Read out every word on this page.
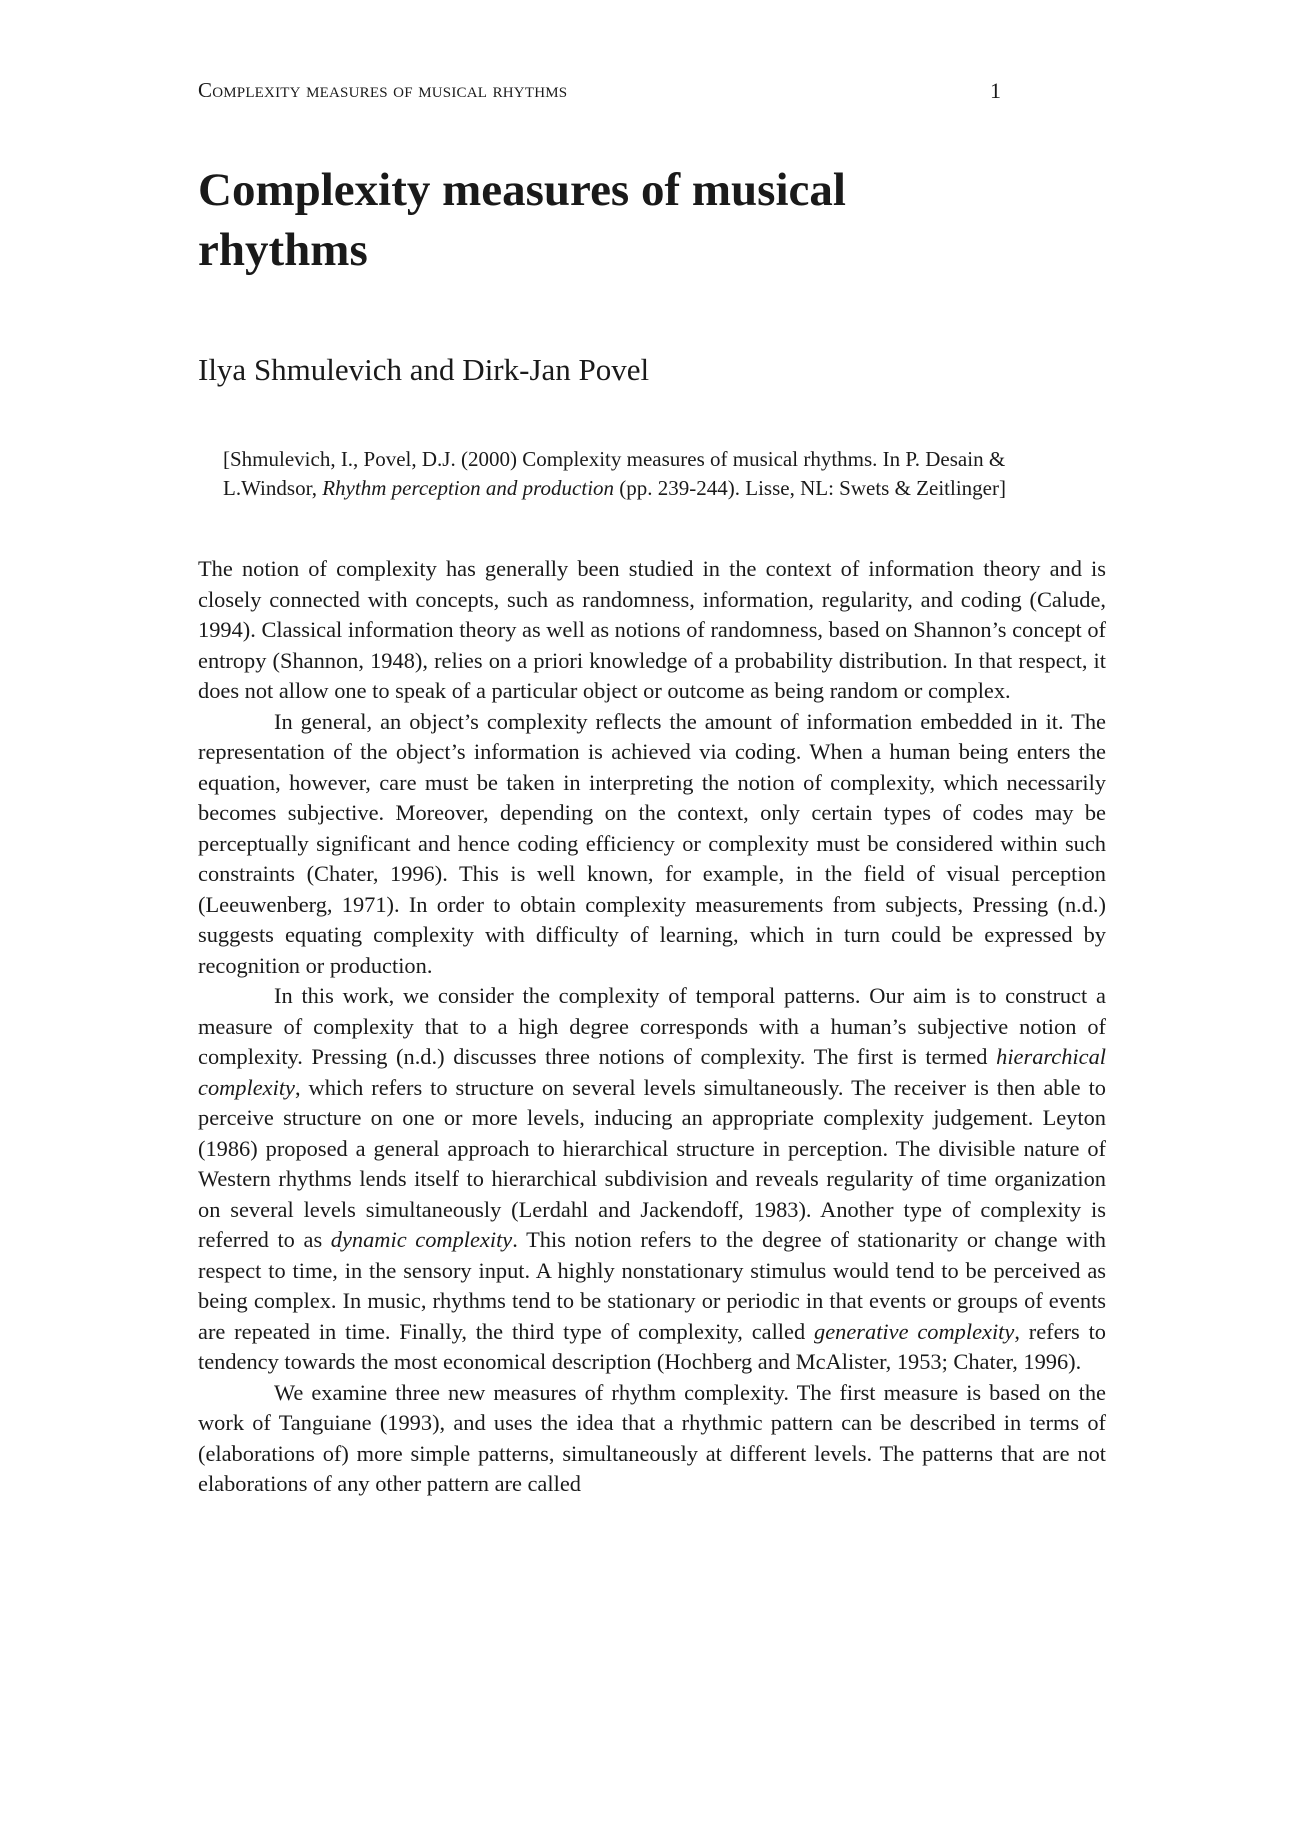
Complexity measures of musical rhythms	1
Complexity measures of musical
rhythms
Ilya Shmulevich and Dirk-Jan Povel
[Shmulevich, I., Povel, D.J. (2000) Complexity measures of musical rhythms. In P. Desain & L.Windsor, Rhythm perception and production (pp. 239-244). Lisse, NL: Swets & Zeitlinger]

The notion of complexity has generally been studied in the context of information theory and is closely connected with concepts, such as randomness, information, regularity, and coding (Calude, 1994). Classical information theory as well as notions of randomness, based on Shannon’s concept of entropy (Shannon, 1948), relies on a priori knowledge of a probability distribution. In that respect, it does not allow one to speak of a particular object or outcome as being random or complex.

In general, an object’s complexity reflects the amount of information embedded in it. The representation of the object’s information is achieved via coding. When a human being enters the equation, however, care must be taken in interpreting the notion of complexity, which necessarily becomes subjective. Moreover, depending on the context, only certain types of codes may be perceptually significant and hence coding efficiency or complexity must be considered within such constraints (Chater, 1996). This is well known, for example, in the field of visual perception (Leeuwenberg, 1971). In order to obtain complexity measurements from subjects, Pressing (n.d.) suggests equating complexity with difficulty of learning, which in turn could be expressed by recognition or production.

In this work, we consider the complexity of temporal patterns. Our aim is to construct a measure of complexity that to a high degree corresponds with a human’s subjective notion of complexity. Pressing (n.d.) discusses three notions of complexity. The first is termed hierarchical complexity, which refers to structure on several levels simultaneously. The receiver is then able to perceive structure on one or more levels, inducing an appropriate complexity judgement. Leyton (1986) proposed a general approach to hierarchical structure in perception. The divisible nature of Western rhythms lends itself to hierarchical subdivision and reveals regularity of time organization on several levels simultaneously (Lerdahl and Jackendoff, 1983). Another type of complexity is referred to as dynamic complexity. This notion refers to the degree of stationarity or change with respect to time, in the sensory input. A highly nonstationary stimulus would tend to be perceived as being complex. In music, rhythms tend to be stationary or periodic in that events or groups of events are repeated in time. Finally, the third type of complexity, called generative complexity, refers to tendency towards the most economical description (Hochberg and McAlister, 1953; Chater, 1996).

We examine three new measures of rhythm complexity. The first measure is based on the work of Tanguiane (1993), and uses the idea that a rhythmic pattern can be described in terms of (elaborations of) more simple patterns, simultaneously at different levels. The patterns that are not elaborations of any other pattern are called
